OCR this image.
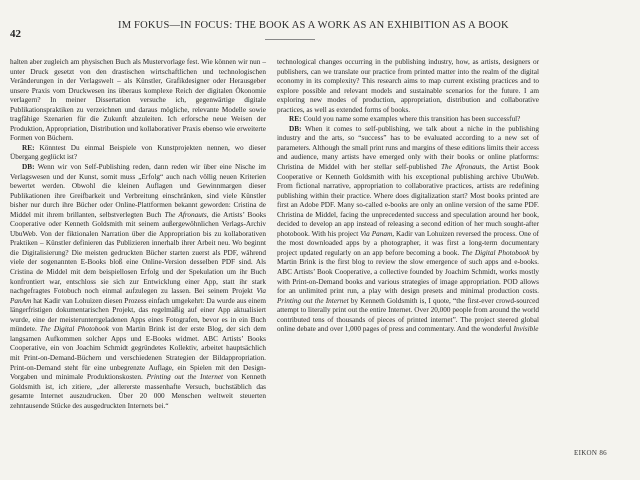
42
IM FOKUS—IN FOCUS: THE BOOK AS A WORK AS AN EXHIBITION AS A BOOK

halten aber zugleich am physischen Buch als Mustervorlage fest. Wie können wir nun – unter Druck gesetzt von den drastischen wirtschaftlichen und technologischen Veränderungen in der Verlagswelt – als Künstler, Grafikdesigner oder Herausgeber unsere Praxis vom Druckwesen ins überaus komplexe Reich der digitalen Ökonomie verlagern? In meiner Dissertation versuche ich, gegenwärtige digitale Publikationspraktiken zu verzeichnen und daraus mögliche, relevante Modelle sowie tragfähige Szenarien für die Zukunft abzuleiten. Ich erforsche neue Weisen der Produktion, Appropriation, Distribution und kollaborativer Praxis ebenso wie erweiterte Formen von Büchern.

RE: Könntest Du einmal Beispiele von Kunstprojekten nennen, wo dieser Übergang geglückt ist?

DB: Wenn wir von Self-Publishing reden, dann reden wir über eine Nische im Verlagswesen und der Kunst, somit muss „Erfolg“ auch nach völlig neuen Kriterien bewertet werden. Obwohl die kleinen Auflagen und Gewinnmargen dieser Publikationen ihre Greifbarkeit und Verbreitung einschränken, sind viele Künstler bisher nur durch ihre Bücher oder Online-Plattformen bekannt geworden: Cristina de Middel mit ihrem brillanten, selbstverlegten Buch The Afronauts, die Artists’ Books Cooperative oder Kenneth Goldsmith mit seinem außergewöhnlichen Verlags-Archiv UbuWeb. Von der fiktionalen Narration über die Appropriation bis zu kollaborativen Praktiken – Künstler definieren das Publizieren innerhalb ihrer Arbeit neu. Wo beginnt die Digitalisierung? Die meisten gedruckten Bücher starten zuerst als PDF, während viele der sogenannten E-Books bloß eine Online-Version desselben PDF sind. Als Cristina de Middel mit dem beispiellosen Erfolg und der Spekulation um ihr Buch konfrontiert war, entschloss sie sich zur Entwicklung einer App, statt ihr stark nachgefragtes Fotobuch noch einmal aufzulegen zu lassen. Bei seinem Projekt Via PanAm hat Kadir van Lohuizen diesen Prozess einfach umgekehrt: Da wurde aus einem längerfristigen dokumentarischen Projekt, das regelmäßig auf einer App aktualisiert wurde, eine der meisterunterrgeladenen Apps eines Fotografen, bevor es in ein Buch mündete. The Digital Photobook von Martin Brink ist der erste Blog, der sich dem langsamen Aufkommen solcher Apps und E-Books widmet. ABC Artists’ Books Cooperative, ein von Joachim Schmidt gegründetes Kollektiv, arbeitet hauptsächlich mit Print-on-Demand-Büchern und verschiedenen Strategien der Bildappropriation. Print-on-Demand steht für eine unbegrenzte Auflage, ein Spielen mit den Design-Vorgaben und minimale Produktionskosten. Printing out the Internet von Kenneth Goldsmith ist, ich zitiere, „der allererste massenhafte Versuch, buchstäblich das gesamte Internet auszudrucken. Über 20 000 Menschen weltweit steuerten zehntausende Stücke des ausgedruckten Internets bei.“

technological changes occurring in the publishing industry, how, as artists, designers or publishers, can we translate our practice from printed matter into the realm of the digital economy in its complexity? This research aims to map current existing practices and to explore possible and relevant models and sustainable scenarios for the future. I am exploring new modes of production, appropriation, distribution and collaborative practices, as well as extended forms of books.

RE: Could you name some examples where this transition has been successful?

DB: When it comes to self-publishing, we talk about a niche in the publishing industry and the arts, so “success” has to be evaluated according to a new set of parameters. Although the small print runs and margins of these editions limits their access and audience, many artists have emerged only with their books or online platforms: Christina de Middel with her stellar self-published The Afronauts, the Artist Book Cooperative or Kenneth Goldsmith with his exceptional publishing archive UbuWeb. From fictional narrative, appropriation to collaborative practices, artists are redefining publishing within their practice. Where does digitalization start? Most books printed are first an Adobe PDF. Many so-called e-books are only an online version of the same PDF. Christina de Middel, facing the unprecedented success and speculation around her book, decided to develop an app instead of releasing a second edition of her much sought-after photobook. With his project Via Panam, Kadir van Lohuizen reversed the process. One of the most downloaded apps by a photographer, it was first a long-term documentary project updated regularly on an app before becoming a book. The Digital Photobook by Martin Brink is the first blog to review the slow emergence of such apps and e-books. ABC Artists’ Book Cooperative, a collective founded by Joachim Schmidt, works mostly with Print-on-Demand books and various strategies of image appropriation. POD allows for an unlimited print run, a play with design presets and minimal production costs. Printing out the Internet by Kenneth Goldsmith is, I quote, “the first-ever crowd-sourced attempt to literally print out the entire Internet. Over 20,000 people from around the world contributed tens of thousands of pieces of printed internet”. The project steered global online debate and over 1,000 pages of press and commentary. And the wonderful Invisible

EIKON 86
